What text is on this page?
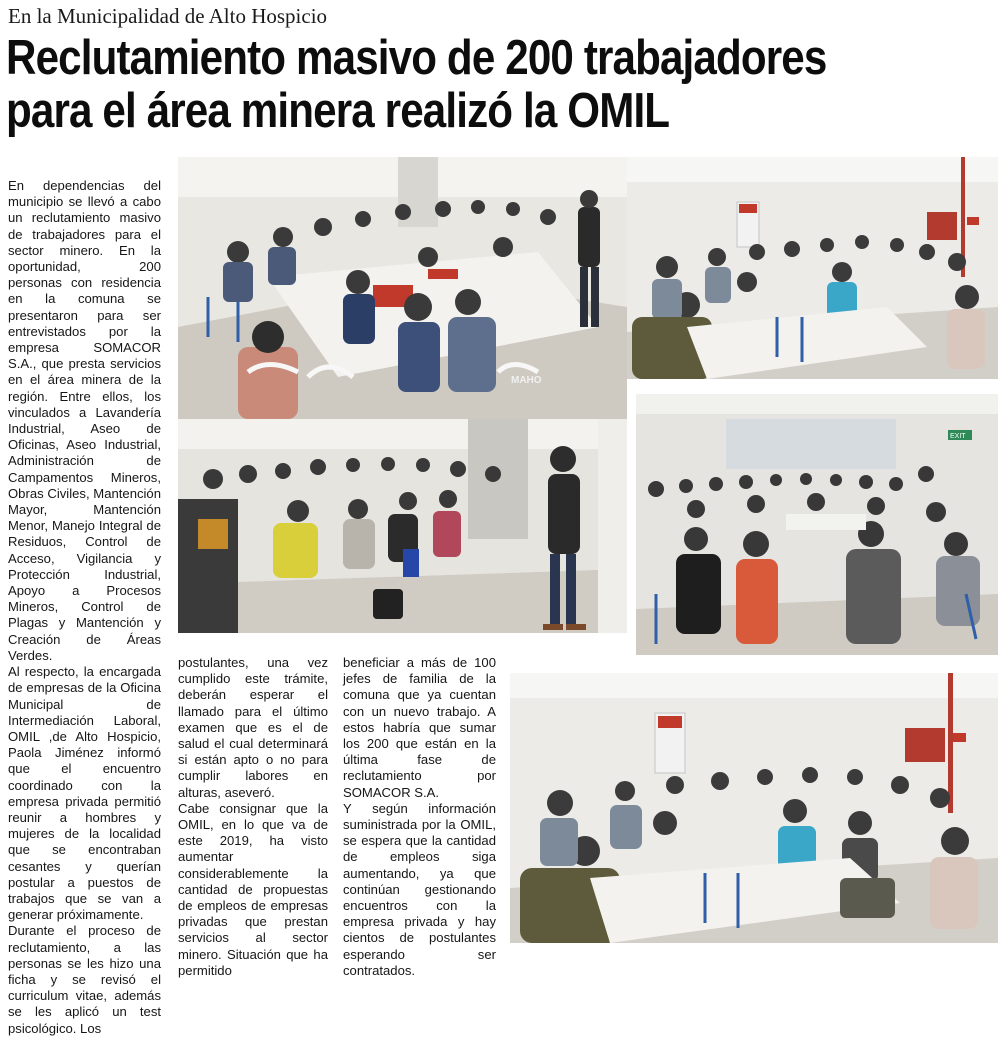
En la Municipalidad de Alto Hospicio
Reclutamiento masivo de 200 trabajadores
para el área minera realizó la OMIL

En dependencias del municipio se llevó a cabo un reclutamiento masivo de trabajadores para el sector minero. En la oportunidad, 200 personas con residencia en la comuna se presentaron para ser entrevistados por la empresa SOMACOR S.A., que presta servicios en el área minera de la región. Entre ellos, los vinculados a Lavandería Industrial, Aseo de Oficinas, Aseo Industrial, Administración de Campamentos Mineros, Obras Civiles, Mantención Mayor, Mantención Menor, Manejo Integral de Residuos, Control de Acceso, Vigilancia y Protección Industrial, Apoyo a Procesos Mineros, Control de Plagas y Mantención y Creación de Áreas Verdes.

Al respecto, la encargada de empresas de la Oficina Municipal de Intermediación Laboral, OMIL ,de Alto Hospicio, Paola Jiménez informó que el encuentro coordinado con la empresa privada permitió reunir a hombres y mujeres de la localidad que se encontraban cesantes y querían postular a puestos de trabajos que se van a generar próximamente.

Durante el proceso de reclutamiento, a las personas se les hizo una ficha y se revisó el curriculum vitae, además se les aplicó un test psicológico. Los

postulantes, una vez cumplido este trámite, deberán esperar el llamado para el último examen que es el de salud el cual determinará si están apto o no para cumplir labores en alturas, aseveró.

Cabe consignar que la OMIL, en lo que va de este 2019, ha visto aumentar considerablemente la cantidad de propuestas de empleos de empresas privadas que prestan servicios al sector minero. Situación que ha permitido

beneficiar a más de 100 jefes de familia de la comuna que ya cuentan con un nuevo trabajo. A estos habría que sumar los 200 que están en la última fase de reclutamiento por SOMACOR S.A.

Y según información suministrada por la OMIL, se espera que la cantidad de empleos siga aumentando, ya que continúan gestionando encuentros con la empresa privada y hay cientos de postulantes esperando ser contratados.

MAHO
EXIT
